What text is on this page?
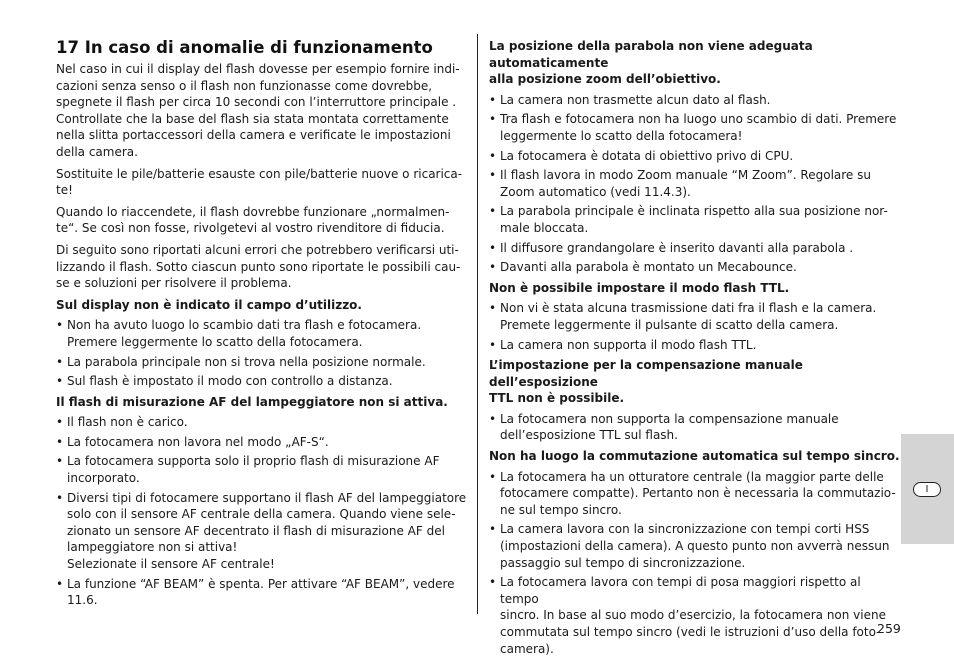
17 In caso di anomalie di funzionamento

Nel caso in cui il display del flash dovesse per esempio fornire indi-
cazioni senza senso o il flash non funzionasse come dovrebbe,
spegnete il flash per circa 10 secondi con l’interruttore principale .
Controllate che la base del flash sia stata montata correttamente
nella slitta portaccessori della camera e verificate le impostazioni
della camera.

Sostituite le pile/batterie esauste con pile/batterie nuove o ricarica-
te!

Quando lo riaccendete, il flash dovrebbe funzionare „normalmen-
te“. Se così non fosse, rivolgetevi al vostro rivenditore di fiducia.

Di seguito sono riportati alcuni errori che potrebbero verificarsi uti-
lizzando il flash. Sotto ciascun punto sono riportate le possibili cau-
se e soluzioni per risolvere il problema.

Sul display non è indicato il campo d’utilizzo.
• Non ha avuto luogo lo scambio dati tra flash e fotocamera.
Premere leggermente lo scatto della fotocamera.
• La parabola principale non si trova nella posizione normale.
• Sul flash è impostato il modo con controllo a distanza.
Il flash di misurazione AF del lampeggiatore non si attiva.
• Il flash non è carico.
• La fotocamera non lavora nel modo „AF-S“.
• La fotocamera supporta solo il proprio flash di misurazione AF
incorporato.
• Diversi tipi di fotocamere supportano il flash AF del lampeggiatore
solo con il sensore AF centrale della camera. Quando viene sele-
zionato un sensore AF decentrato il flash di misurazione AF del
lampeggiatore non si attiva!
Selezionate il sensore AF centrale!
• La funzione “AF BEAM” è spenta. Per attivare “AF BEAM”, vedere
11.6.
La posizione della parabola non viene adeguata automaticamente
alla posizione zoom dell’obiettivo.
• La camera non trasmette alcun dato al flash.
• Tra flash e fotocamera non ha luogo uno scambio di dati. Premere
leggermente lo scatto della fotocamera!
• La fotocamera è dotata di obiettivo privo di CPU.
• Il flash lavora in modo Zoom manuale “M Zoom”. Regolare su
Zoom automatico (vedi 11.4.3).
• La parabola principale è inclinata rispetto alla sua posizione nor-
male bloccata.
• Il diffusore grandangolare è inserito davanti alla parabola .
• Davanti alla parabola è montato un Mecabounce.
Non è possibile impostare il modo flash TTL.
• Non vi è stata alcuna trasmissione dati fra il flash e la camera.
Premete leggermente il pulsante di scatto della camera.
• La camera non supporta il modo flash TTL.
L’impostazione per la compensazione manuale dell’esposizione
TTL non è possibile.
• La fotocamera non supporta la compensazione manuale
dell’esposizione TTL sul flash.
Non ha luogo la commutazione automatica sul tempo sincro.
• La fotocamera ha un otturatore centrale (la maggior parte delle
fotocamere compatte). Pertanto non è necessaria la commutazio-
ne sul tempo sincro.
• La camera lavora con la sincronizzazione con tempi corti HSS
(impostazioni della camera). A questo punto non avverrà nessun
passaggio sul tempo di sincronizzazione.
• La fotocamera lavora con tempi di posa maggiori rispetto al tempo
sincro. In base al suo modo d’esercizio, la fotocamera non viene
commutata sul tempo sincro (vedi le istruzioni d’uso della foto-
camera).
I
259
